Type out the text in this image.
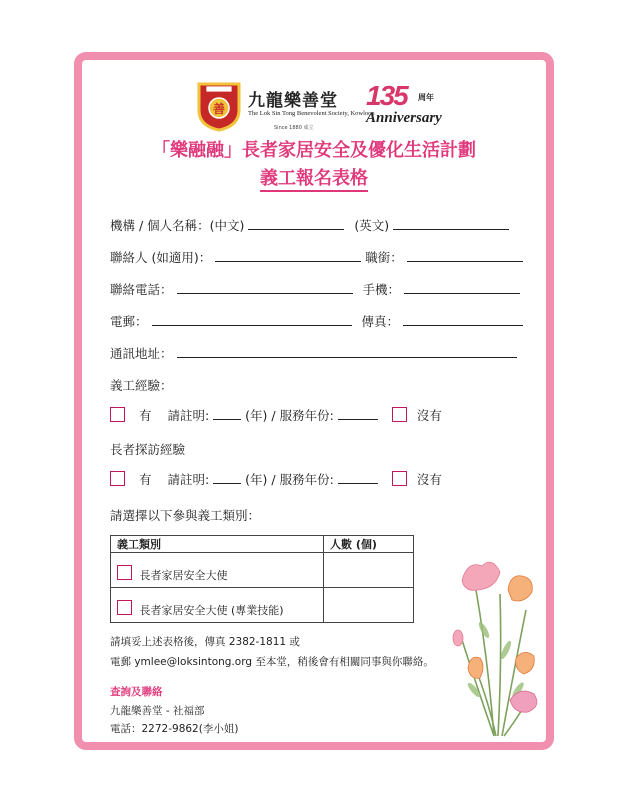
善 九龍樂善堂
The Lok Sin Tong Benevolent Society, Kowloon
Since 1880 成立
135 周年
Anniversary
「樂融融」長者家居安全及優化生活計劃
義工報名表格
機構 / 個人名稱：(中文)	(英文)
聯絡人 (如適用)：	職銜：
聯絡電話：	手機：
電郵：	傳真：
通訊地址：
義工經驗：
有 請註明:	(年) / 服務年份:	沒有
長者探訪經驗
有 請註明:	(年) / 服務年份:	沒有
請選擇以下參與義工類別：
義工類別	人數 (個)
長者家居安全大使	
長者家居安全大使 (專業技能)	
請填妥上述表格後，傳真 2382-1811 或
電郵 ymlee@loksintong.org 至本堂，稍後會有相關同事與你聯絡。
查詢及聯絡
九龍樂善堂 - 社福部
電話：2272-9862(李小姐)
